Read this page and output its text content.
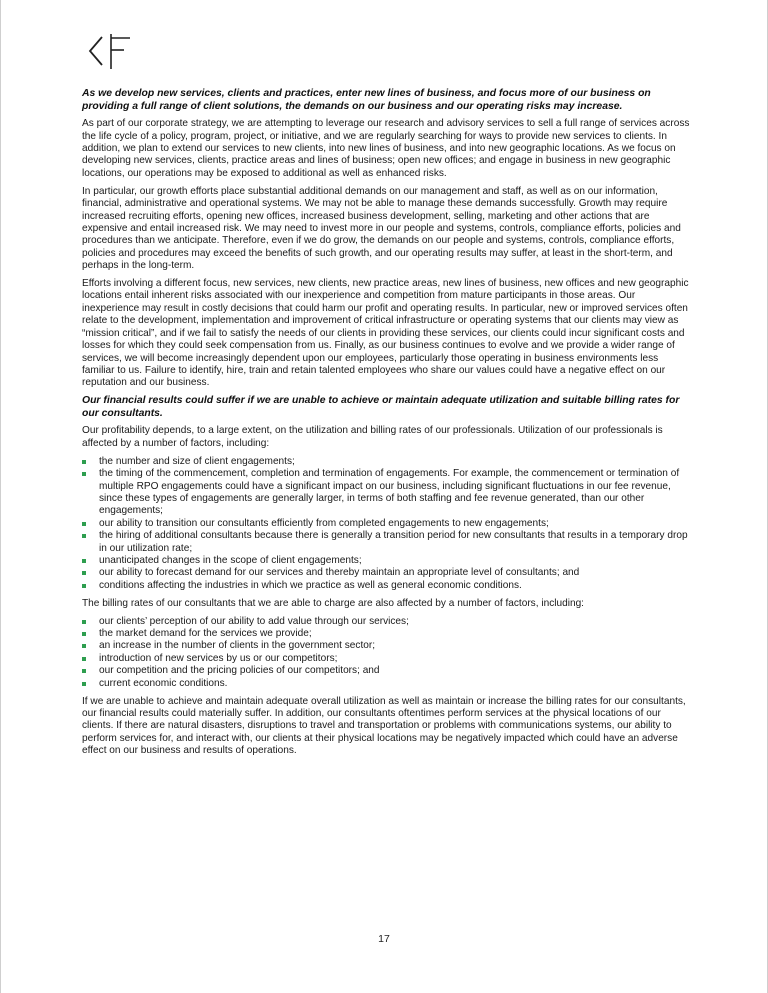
As we develop new services, clients and practices, enter new lines of business, and focus more of our business on providing a full range of client solutions, the demands on our business and our operating risks may increase.

As part of our corporate strategy, we are attempting to leverage our research and advisory services to sell a full range of services across the life cycle of a policy, program, project, or initiative, and we are regularly searching for ways to provide new services to clients. In addition, we plan to extend our services to new clients, into new lines of business, and into new geographic locations. As we focus on developing new services, clients, practice areas and lines of business; open new offices; and engage in business in new geographic locations, our operations may be exposed to additional as well as enhanced risks.

In particular, our growth efforts place substantial additional demands on our management and staff, as well as on our information, financial, administrative and operational systems. We may not be able to manage these demands successfully. Growth may require increased recruiting efforts, opening new offices, increased business development, selling, marketing and other actions that are expensive and entail increased risk. We may need to invest more in our people and systems, controls, compliance efforts, policies and procedures than we anticipate. Therefore, even if we do grow, the demands on our people and systems, controls, compliance efforts, policies and procedures may exceed the benefits of such growth, and our operating results may suffer, at least in the short-term, and perhaps in the long-term.

Efforts involving a different focus, new services, new clients, new practice areas, new lines of business, new offices and new geographic locations entail inherent risks associated with our inexperience and competition from mature participants in those areas. Our inexperience may result in costly decisions that could harm our profit and operating results. In particular, new or improved services often relate to the development, implementation and improvement of critical infrastructure or operating systems that our clients may view as “mission critical”, and if we fail to satisfy the needs of our clients in providing these services, our clients could incur significant costs and losses for which they could seek compensation from us. Finally, as our business continues to evolve and we provide a wider range of services, we will become increasingly dependent upon our employees, particularly those operating in business environments less familiar to us. Failure to identify, hire, train and retain talented employees who share our values could have a negative effect on our reputation and our business.

Our financial results could suffer if we are unable to achieve or maintain adequate utilization and suitable billing rates for our consultants.

Our profitability depends, to a large extent, on the utilization and billing rates of our professionals. Utilization of our professionals is affected by a number of factors, including:

the number and size of client engagements;
the timing of the commencement, completion and termination of engagements. For example, the commencement or termination of multiple RPO engagements could have a significant impact on our business, including significant fluctuations in our fee revenue, since these types of engagements are generally larger, in terms of both staffing and fee revenue generated, than our other engagements;
our ability to transition our consultants efficiently from completed engagements to new engagements;
the hiring of additional consultants because there is generally a transition period for new consultants that results in a temporary drop in our utilization rate;
unanticipated changes in the scope of client engagements;
our ability to forecast demand for our services and thereby maintain an appropriate level of consultants; and
conditions affecting the industries in which we practice as well as general economic conditions.

The billing rates of our consultants that we are able to charge are also affected by a number of factors, including:

our clients’ perception of our ability to add value through our services;
the market demand for the services we provide;
an increase in the number of clients in the government sector;
introduction of new services by us or our competitors;
our competition and the pricing policies of our competitors; and
current economic conditions.

If we are unable to achieve and maintain adequate overall utilization as well as maintain or increase the billing rates for our consultants, our financial results could materially suffer. In addition, our consultants oftentimes perform services at the physical locations of our clients. If there are natural disasters, disruptions to travel and transportation or problems with communications systems, our ability to perform services for, and interact with, our clients at their physical locations may be negatively impacted which could have an adverse effect on our business and results of operations.

17
